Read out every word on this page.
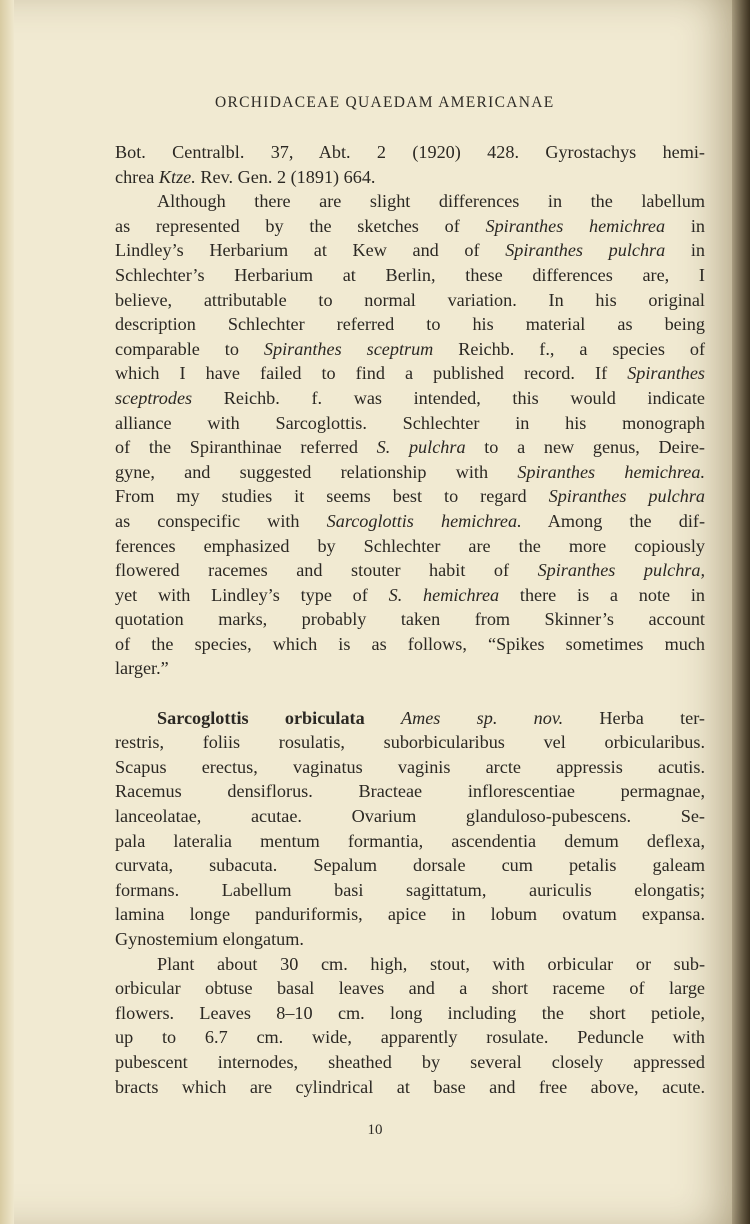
ORCHIDACEAE QUAEDAM AMERICANAE
Bot. Centralbl. 37, Abt. 2 (1920) 428. Gyrostachys hemi-
chrea Ktze. Rev. Gen. 2 (1891) 664.
Although there are slight differences in the labellum
as represented by the sketches of Spiranthes hemichrea in
Lindley’s Herbarium at Kew and of Spiranthes pulchra in
Schlechter’s Herbarium at Berlin, these differences are, I
believe, attributable to normal variation. In his original
description Schlechter referred to his material as being
comparable to Spiranthes sceptrum Reichb. f., a species of
which I have failed to find a published record. If Spiranthes
sceptrodes Reichb. f. was intended, this would indicate
alliance with Sarcoglottis. Schlechter in his monograph
of the Spiranthinae referred S. pulchra to a new genus, Deire-
gyne, and suggested relationship with Spiranthes hemichrea.
From my studies it seems best to regard Spiranthes pulchra
as conspecific with Sarcoglottis hemichrea. Among the dif-
ferences emphasized by Schlechter are the more copiously
flowered racemes and stouter habit of Spiranthes pulchra,
yet with Lindley’s type of S. hemichrea there is a note in
quotation marks, probably taken from Skinner’s account
of the species, which is as follows, “Spikes sometimes much
larger.”
Sarcoglottis orbiculata Ames sp. nov. Herba ter-
restris, foliis rosulatis, suborbicularibus vel orbicularibus.
Scapus erectus, vaginatus vaginis arcte appressis acutis.
Racemus densiflorus. Bracteae inflorescentiae permagnae,
lanceolatae, acutae. Ovarium glanduloso-pubescens. Se-
pala lateralia mentum formantia, ascendentia demum deflexa,
curvata, subacuta. Sepalum dorsale cum petalis galeam
formans. Labellum basi sagittatum, auriculis elongatis;
lamina longe panduriformis, apice in lobum ovatum expansa.
Gynostemium elongatum.
Plant about 30 cm. high, stout, with orbicular or sub-
orbicular obtuse basal leaves and a short raceme of large
flowers. Leaves 8–10 cm. long including the short petiole,
up to 6.7 cm. wide, apparently rosulate. Peduncle with
pubescent internodes, sheathed by several closely appressed
bracts which are cylindrical at base and free above, acute.
10
